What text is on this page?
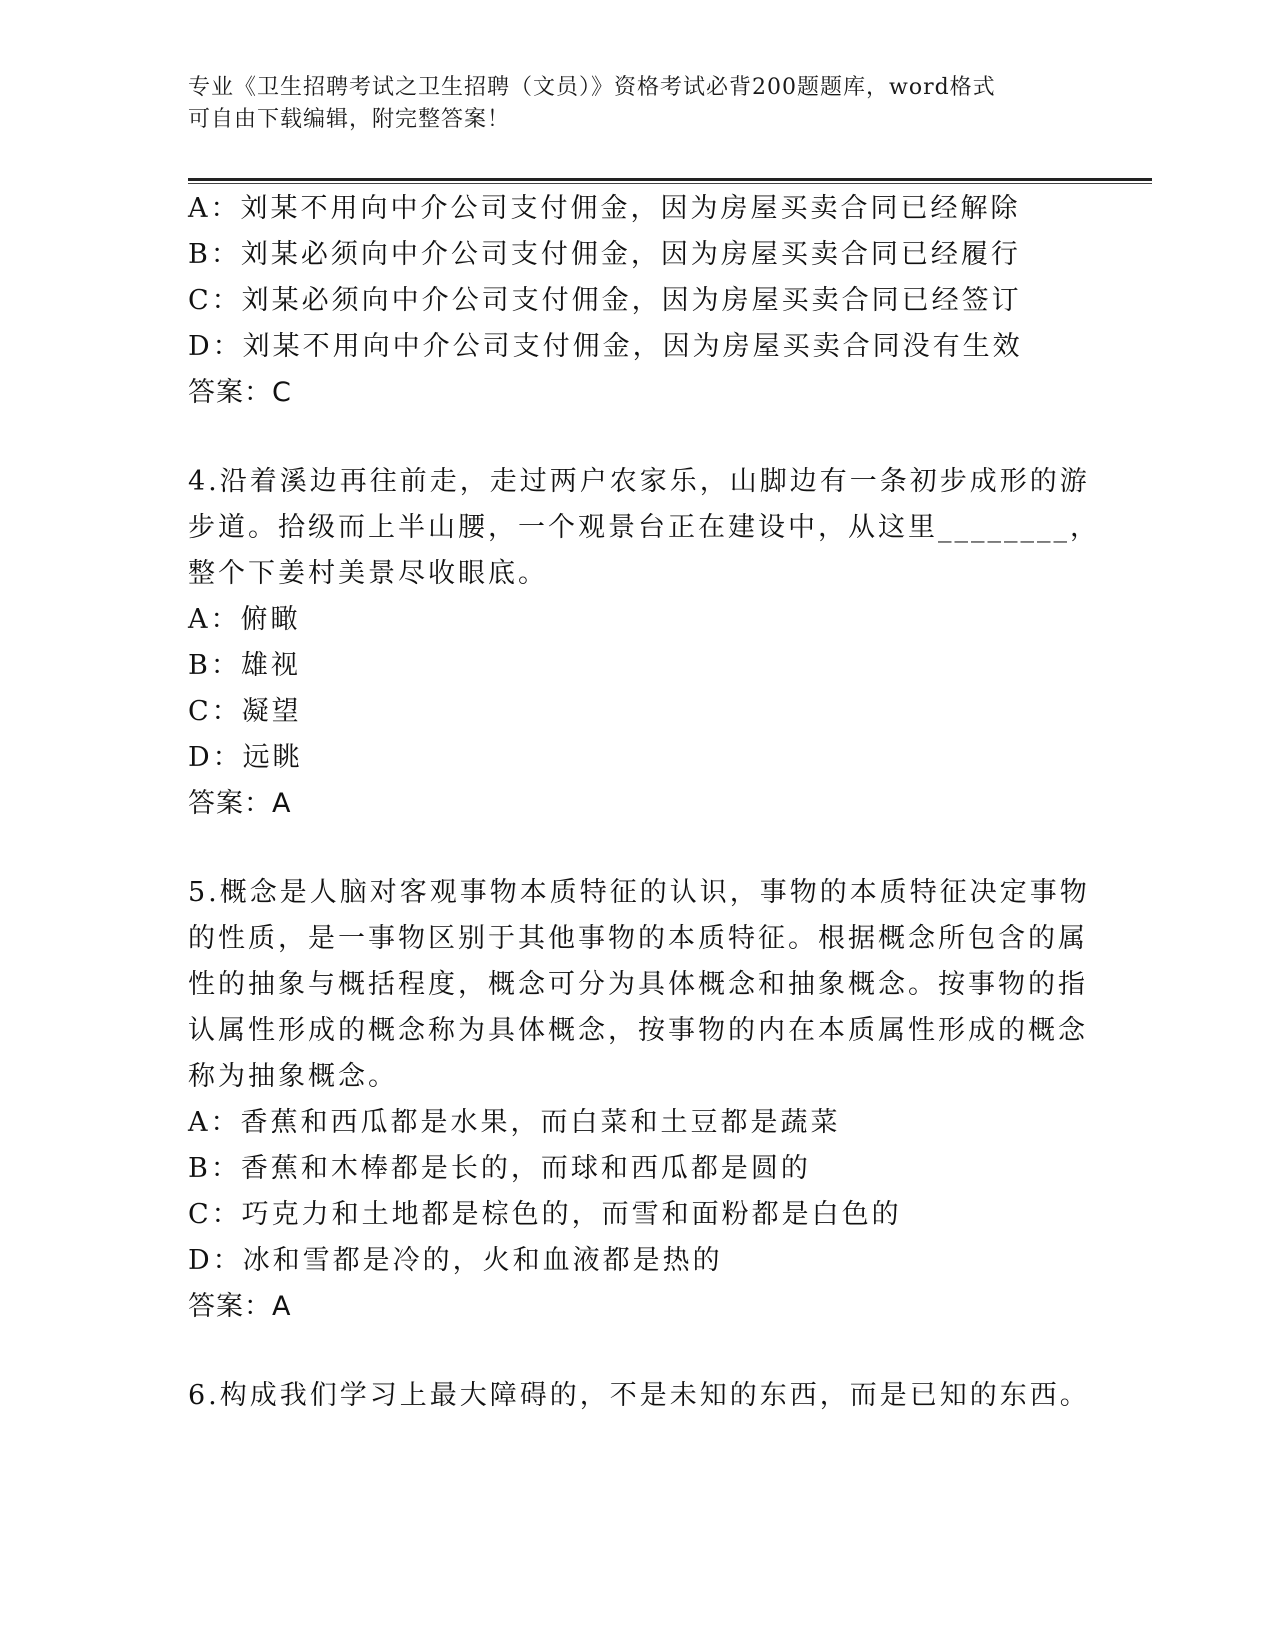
专业《卫生招聘考试之卫生招聘（文员）》资格考试必背200题题库，word格式
可自由下载编辑，附完整答案！
A：刘某不用向中介公司支付佣金，因为房屋买卖合同已经解除
B：刘某必须向中介公司支付佣金，因为房屋买卖合同已经履行
C：刘某必须向中介公司支付佣金，因为房屋买卖合同已经签订
D：刘某不用向中介公司支付佣金，因为房屋买卖合同没有生效
答案：C
4.沿着溪边再往前走，走过两户农家乐，山脚边有一条初步成形的游
步道。拾级而上半山腰，一个观景台正在建设中，从这里________，
整个下姜村美景尽收眼底。
A：俯瞰
B：雄视
C：凝望
D：远眺
答案：A
5.概念是人脑对客观事物本质特征的认识，事物的本质特征决定事物
的性质，是一事物区别于其他事物的本质特征。根据概念所包含的属
性的抽象与概括程度，概念可分为具体概念和抽象概念。按事物的指
认属性形成的概念称为具体概念，按事物的内在本质属性形成的概念
称为抽象概念。
A：香蕉和西瓜都是水果，而白菜和土豆都是蔬菜
B：香蕉和木棒都是长的，而球和西瓜都是圆的
C：巧克力和土地都是棕色的，而雪和面粉都是白色的
D：冰和雪都是冷的，火和血液都是热的
答案：A
6.构成我们学习上最大障碍的，不是未知的东西，而是已知的东西。
